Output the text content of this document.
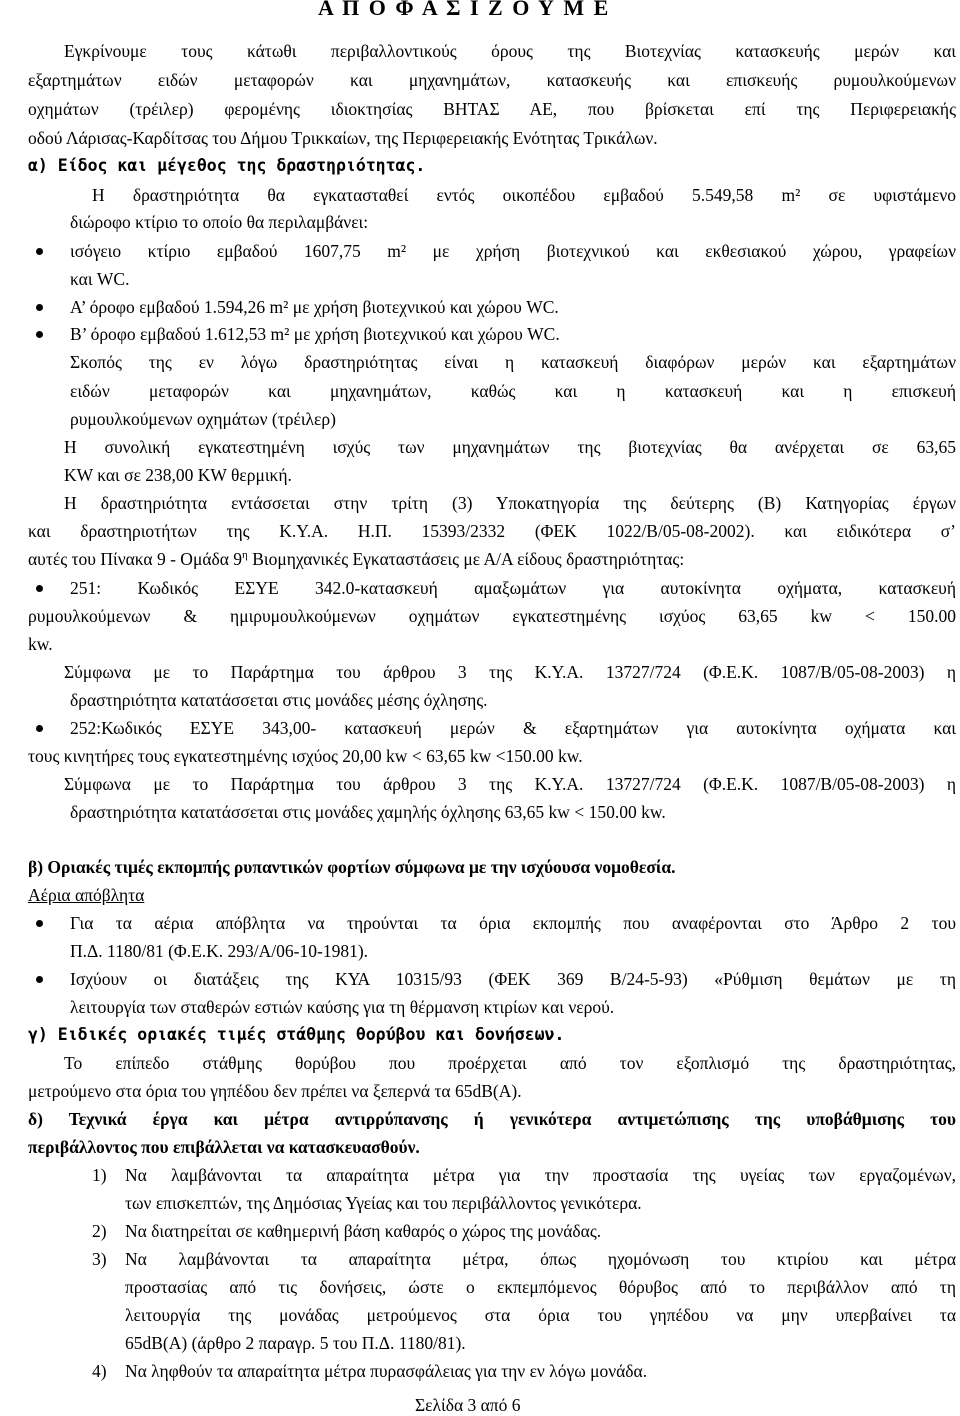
Α Π Ο Φ Α Σ Ι Ζ Ο Υ Μ Ε
Εγκρίνουμε τους κάτωθι περιβαλλοντικούς όρους της Βιοτεχνίας κατασκευής μερών και
εξαρτημάτων ειδών μεταφορών και μηχανημάτων, κατασκευής και επισκευής ρυμουλκούμενων
οχημάτων (τρέιλερ) φερομένης ιδιοκτησίας ΒΗΤΑΣ ΑΕ, που βρίσκεται επί της Περιφερειακής
οδού Λάρισας-Καρδίτσας του Δήμου Τρικκαίων, της Περιφερειακής Ενότητας Τρικάλων.
α) Είδος και μέγεθος της δραστηριότητας.
Η δραστηριότητα θα εγκατασταθεί εντός οικοπέδου εμβαδού 5.549,58 m² σε υφιστάμενο
διώροφο κτίριο το οποίο θα περιλαμβάνει:
ισόγειο κτίριο εμβαδού 1607,75 m² με χρήση βιοτεχνικού και εκθεσιακού χώρου, γραφείων
και WC.
Α’ όροφο εμβαδού 1.594,26 m² με χρήση βιοτεχνικού και χώρου WC.
Β’ όροφο εμβαδού 1.612,53 m² με χρήση βιοτεχνικού και χώρου WC.
Σκοπός της εν λόγω δραστηριότητας είναι η κατασκευή διαφόρων μερών και εξαρτημάτων
ειδών μεταφορών και μηχανημάτων, καθώς και η κατασκευή και η επισκευή
ρυμουλκούμενων οχημάτων (τρέιλερ)
Η συνολική εγκατεστημένη ισχύς των μηχανημάτων της βιοτεχνίας θα ανέρχεται σε 63,65
KW και σε 238,00 KW θερμική.
Η δραστηριότητα εντάσσεται στην τρίτη (3) Υποκατηγορία της δεύτερης (Β) Κατηγορίας έργων
και δραστηριοτήτων της Κ.Υ.Α. Η.Π. 15393/2332 (ΦΕΚ 1022/Β/05-08-2002). και ειδικότερα σ’
αυτές του Πίνακα 9 - Ομάδα $9^\eta$ Βιομηχανικές Εγκαταστάσεις με Α/Α είδους δραστηριότητας:
251: Κωδικός ΕΣΥΕ 342.0-κατασκευή αμαξωμάτων για αυτοκίνητα οχήματα, κατασκευή
ρυμουλκούμενων & ημιρυμουλκούμενων οχημάτων εγκατεστημένης ισχύος 63,65 kw < 150.00
kw.
Σύμφωνα με το Παράρτημα του άρθρου 3 της Κ.Υ.Α. 13727/724 (Φ.Ε.Κ. 1087/Β/05-08-2003) η
δραστηριότητα κατατάσσεται στις μονάδες μέσης όχλησης.
252:Κωδικός ΕΣΥΕ 343,00- κατασκευή μερών & εξαρτημάτων για αυτοκίνητα οχήματα και
τους κινητήρες τους εγκατεστημένης ισχύος 20,00 kw < 63,65 kw <150.00 kw.
Σύμφωνα με το Παράρτημα του άρθρου 3 της Κ.Υ.Α. 13727/724 (Φ.Ε.Κ. 1087/Β/05-08-2003) η
δραστηριότητα κατατάσσεται στις μονάδες χαμηλής όχλησης 63,65 kw < 150.00 kw.
β) Οριακές τιμές εκπομπής ρυπαντικών φορτίων σύμφωνα με την ισχύουσα νομοθεσία.
Αέρια απόβλητα
Για τα αέρια απόβλητα να τηρούνται τα όρια εκπομπής που αναφέρονται στο Άρθρο 2 του
Π.Δ. 1180/81 (Φ.Ε.Κ. 293/Α/06-10-1981).
Ισχύουν οι διατάξεις της ΚΥΑ 10315/93 (ΦΕΚ 369 Β/24-5-93) «Ρύθμιση θεμάτων με τη
λειτουργία των σταθερών εστιών καύσης για τη θέρμανση κτιρίων και νερού.
γ) Ειδικές οριακές τιμές στάθμης θορύβου και δονήσεων.
Το επίπεδο στάθμης θορύβου που προέρχεται από τον εξοπλισμό της δραστηριότητας,
μετρούμενο στα όρια του γηπέδου δεν πρέπει να ξεπερνά τα 65dB(Α).
δ) Τεχνικά έργα και μέτρα αντιρρύπανσης ή γενικότερα αντιμετώπισης της υποβάθμισης του
περιβάλλοντος που επιβάλλεται να κατασκευασθούν.
1) Να λαμβάνονται τα απαραίτητα μέτρα για την προστασία της υγείας των εργαζομένων,
των επισκεπτών, της Δημόσιας Υγείας και του περιβάλλοντος γενικότερα.
2) Να διατηρείται σε καθημερινή βάση καθαρός ο χώρος της μονάδας.
3) Να λαμβάνονται τα απαραίτητα μέτρα, όπως ηχομόνωση του κτιρίου και μέτρα
προστασίας από τις δονήσεις, ώστε ο εκπεμπόμενος θόρυβος από το περιβάλλον από τη
λειτουργία της μονάδας μετρούμενος στα όρια του γηπέδου να μην υπερβαίνει τα
65dB(A) (άρθρο 2 παραγρ. 5 του Π.Δ. 1180/81).
4) Να ληφθούν τα απαραίτητα μέτρα πυρασφάλειας για την εν λόγω μονάδα.
Σελίδα 3 από 6
